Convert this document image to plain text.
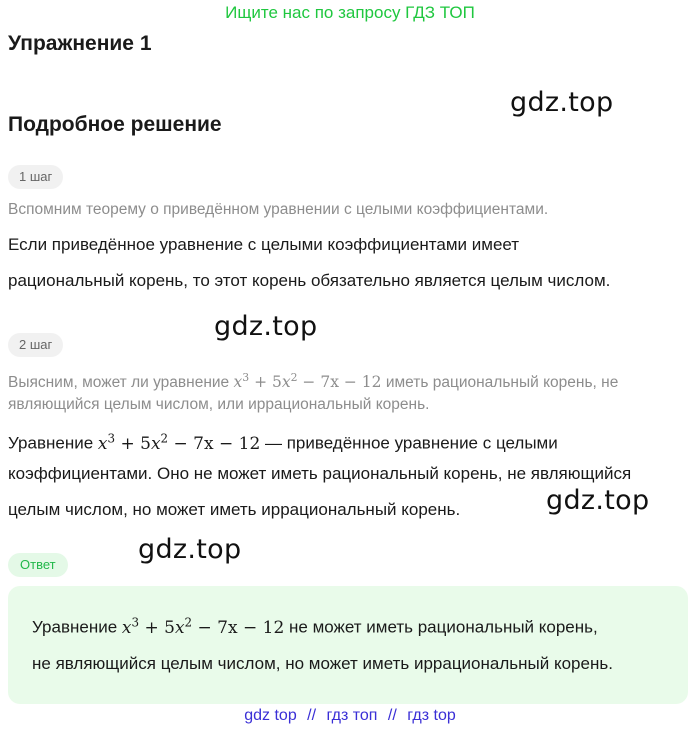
Ищите нас по запросу ГДЗ ТОП
Упражнение 1
gdz.top
Подробное решение
1 шаг
Вспомним теорему о приведённом уравнении с целыми коэффициентами.
Если приведённое уравнение с целыми коэффициентами имеет
рациональный корень, то этот корень обязательно является целым числом.
gdz.top
2 шаг
Выясним, может ли уравнение $x^3 + 5x^2 - 7x - 12$ иметь рациональный корень, не
являющийся целым числом, или иррациональный корень.
Уравнение $x^3 + 5x^2 - 7x - 12$ — приведённое уравнение с целыми
коэффициентами. Оно не может иметь рациональный корень, не являющийся
целым числом, но может иметь иррациональный корень.	gdz.top
gdz.top
Ответ
Уравнение $x^3 + 5x^2 - 7x - 12$ не может иметь рациональный корень,
не являющийся целым числом, но может иметь иррациональный корень.
gdz top // гдз топ // гдз top
